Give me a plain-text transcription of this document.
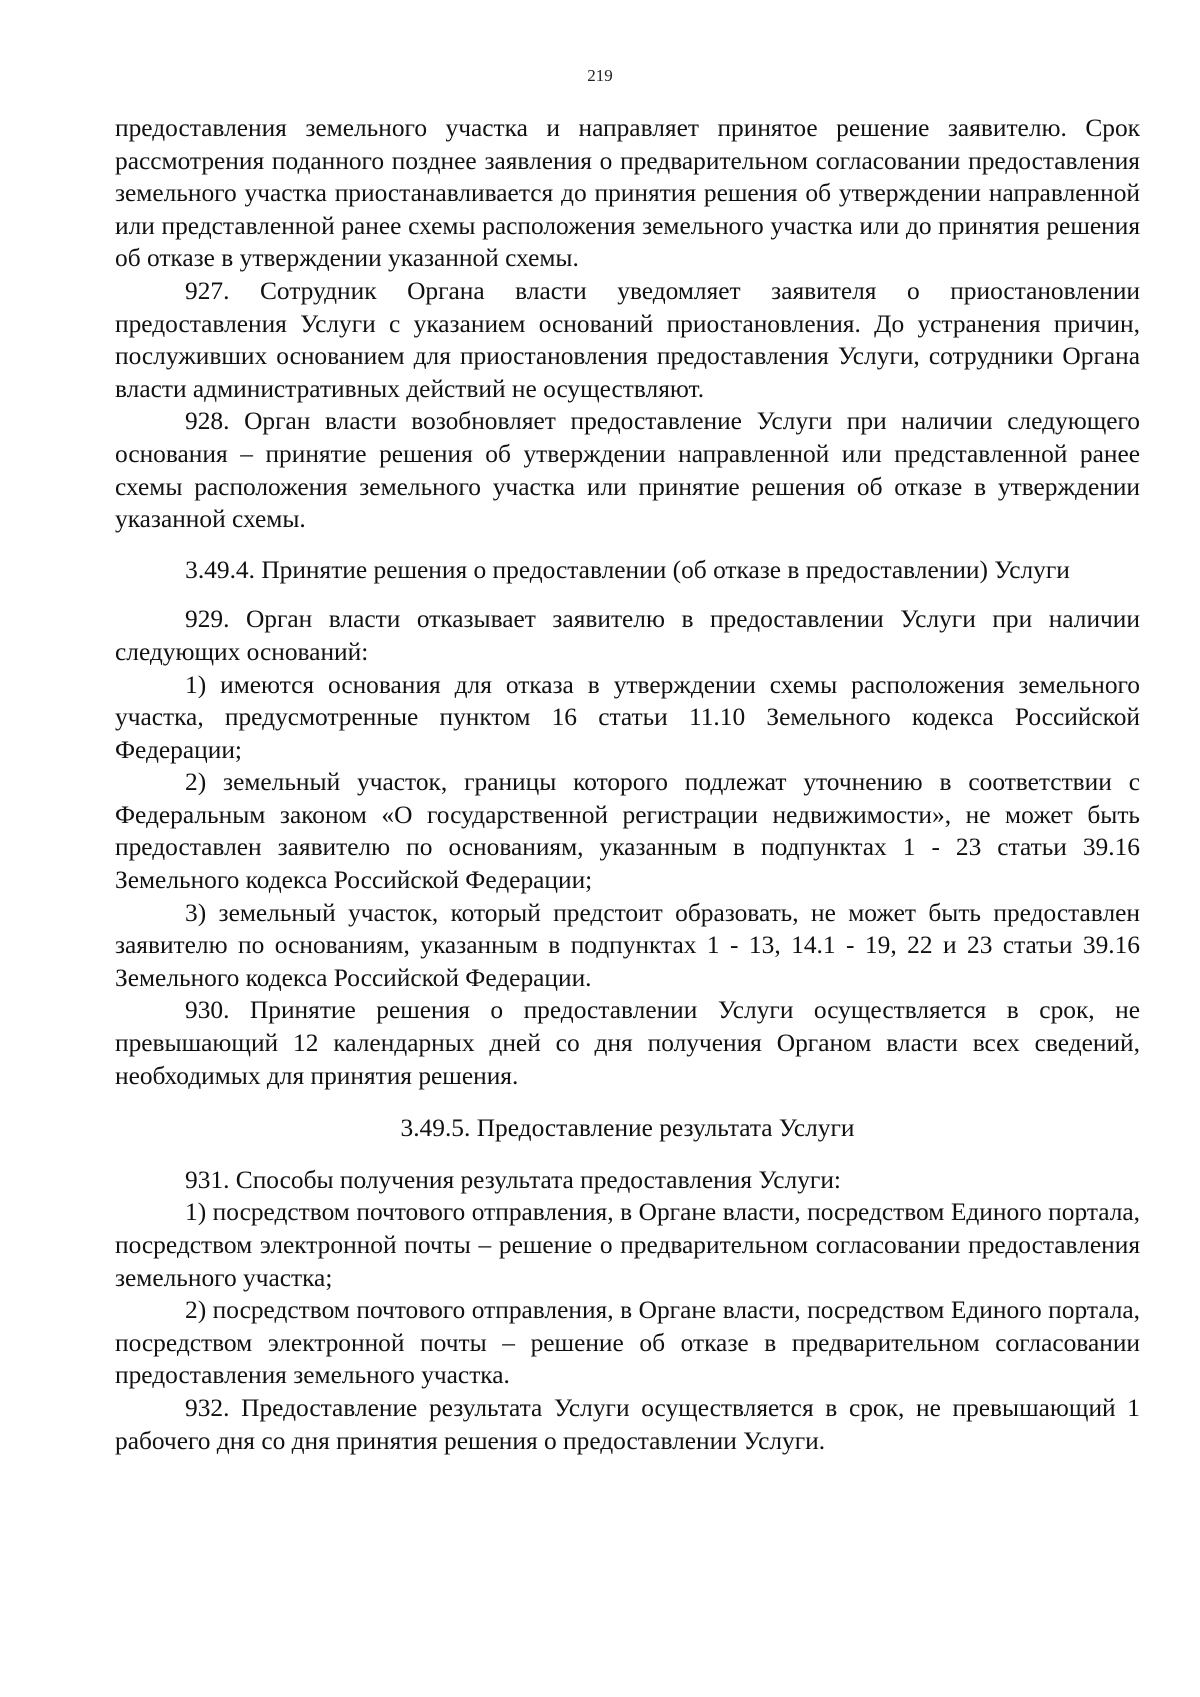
219

предоставления земельного участка и направляет принятое решение заявителю. Срок рассмотрения поданного позднее заявления о предварительном согласовании предоставления земельного участка приостанавливается до принятия решения об утверждении направленной или представленной ранее схемы расположения земельного участка или до принятия решения об отказе в утверждении указанной схемы.

927. Сотрудник Органа власти уведомляет заявителя о приостановлении предоставления Услуги с указанием оснований приостановления. До устранения причин, послуживших основанием для приостановления предоставления Услуги, сотрудники Органа власти административных действий не осуществляют.

928. Орган власти возобновляет предоставление Услуги при наличии следующего основания – принятие решения об утверждении направленной или представленной ранее схемы расположения земельного участка или принятие решения об отказе в утверждении указанной схемы.

3.49.4. Принятие решения о предоставлении (об отказе в предоставлении) Услуги

929. Орган власти отказывает заявителю в предоставлении Услуги при наличии следующих оснований:

1) имеются основания для отказа в утверждении схемы расположения земельного участка, предусмотренные пунктом 16 статьи 11.10 Земельного кодекса Российской Федерации;

2) земельный участок, границы которого подлежат уточнению в соответствии с Федеральным законом «О государственной регистрации недвижимости», не может быть предоставлен заявителю по основаниям, указанным в подпунктах 1 - 23 статьи 39.16 Земельного кодекса Российской Федерации;

3) земельный участок, который предстоит образовать, не может быть предоставлен заявителю по основаниям, указанным в подпунктах 1 - 13, 14.1 - 19, 22 и 23 статьи 39.16 Земельного кодекса Российской Федерации.

930. Принятие решения о предоставлении Услуги осуществляется в срок, не превышающий 12 календарных дней со дня получения Органом власти всех сведений, необходимых для принятия решения.

3.49.5. Предоставление результата Услуги

931. Способы получения результата предоставления Услуги:

1) посредством почтового отправления, в Органе власти, посредством Единого портала, посредством электронной почты – решение о предварительном согласовании предоставления земельного участка;

2) посредством почтового отправления, в Органе власти, посредством Единого портала, посредством электронной почты – решение об отказе в предварительном согласовании предоставления земельного участка.

932. Предоставление результата Услуги осуществляется в срок, не превышающий 1 рабочего дня со дня принятия решения о предоставлении Услуги.
